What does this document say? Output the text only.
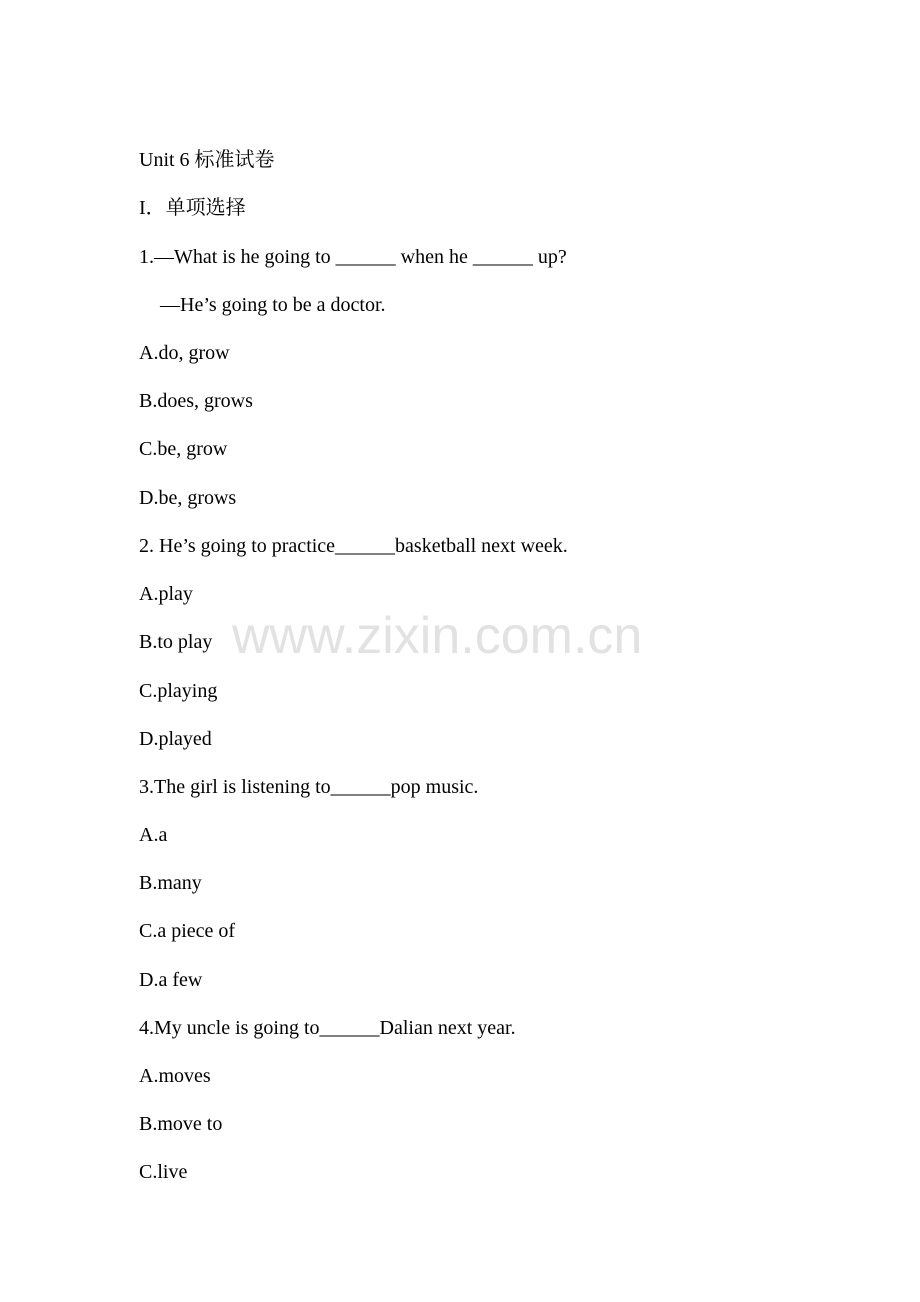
Unit 6 标准试卷
I．单项选择
1.—What is he going to ______ when he ______ up?
—He’s going to be a doctor.
A.do, grow
B.does, grows
C.be, grow
D.be, grows
2. He’s going to practice______basketball next week.
A.play
B.to play
C.playing
D.played
3.The girl is listening to______pop music.
A.a
B.many
C.a piece of
D.a few
4.My uncle is going to______Dalian next year.
A.moves
B.move to
C.live
www.zixin.com.cn
